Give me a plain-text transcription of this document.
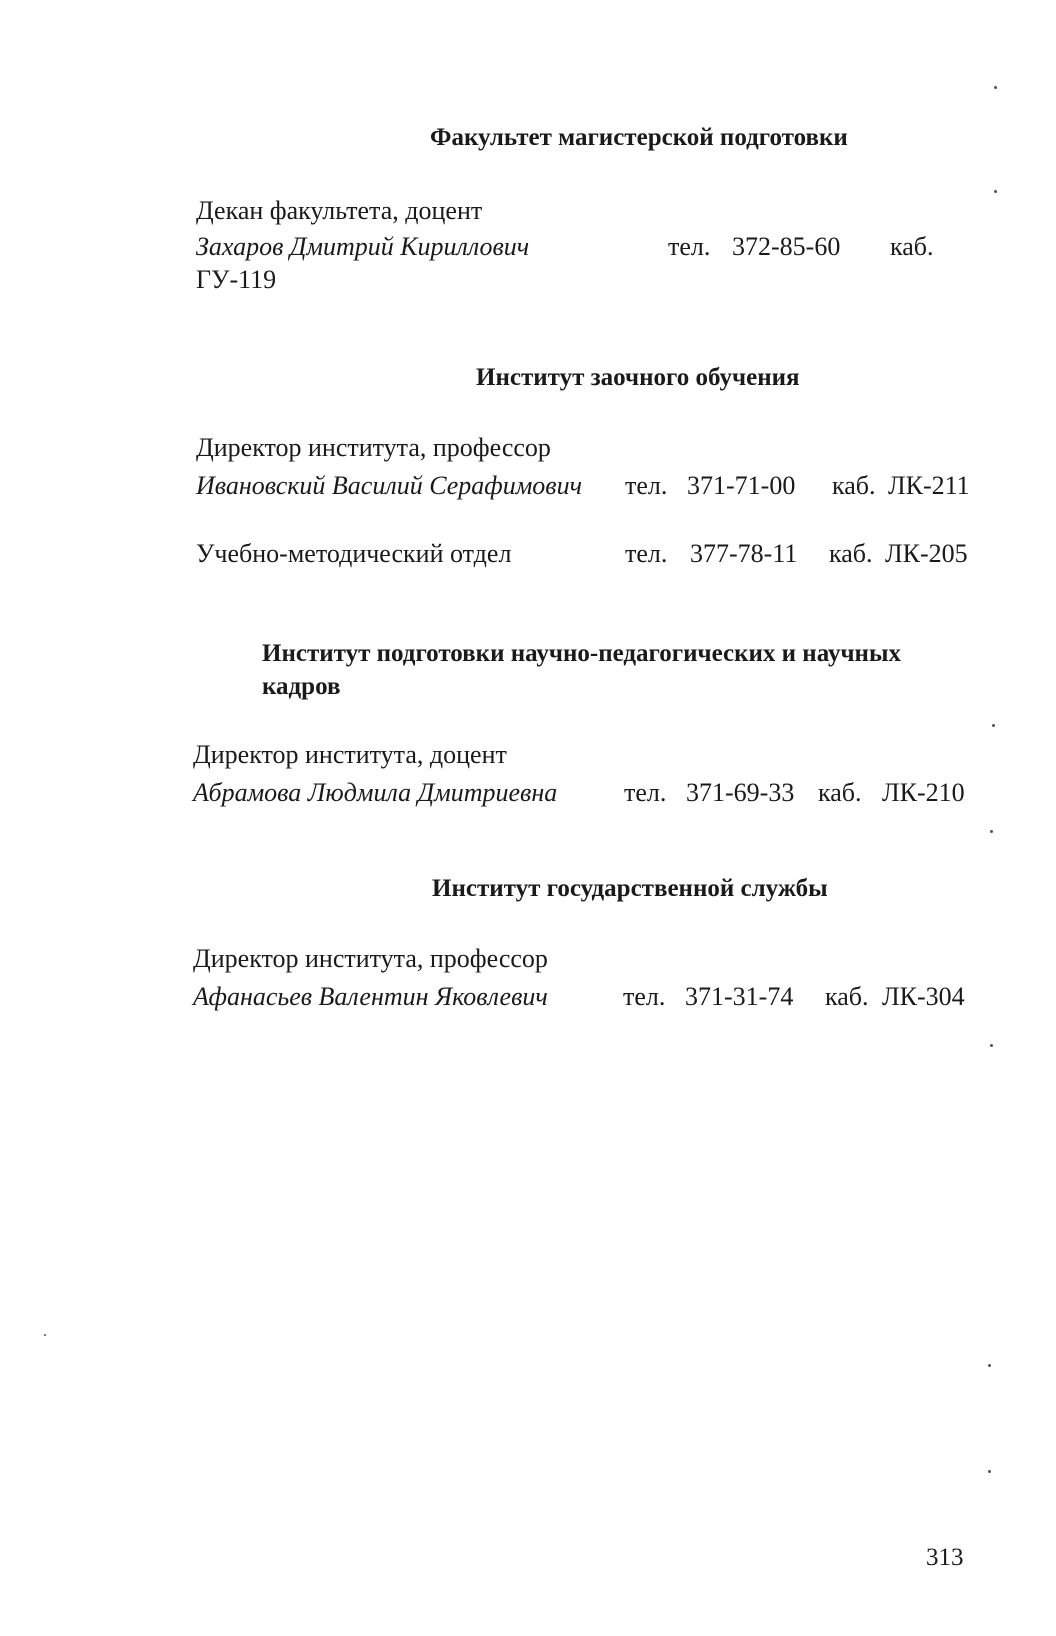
Факультет магистерской подготовки
Декан факультета, доцент
Захаров Дмитрий Кириллович	тел. 372-85-60 каб.
ГУ-119
Институт заочного обучения
Директор института, профессор
Ивановский Василий Серафимович тел. 371-71-00 каб. ЛК-211
Учебно-методический отдел	тел. 377-78-11 каб. ЛК-205
Институт подготовки научно-педагогических и научных
кадров
Директор института, доцент
Абрамова Людмила Дмитриевна	тел. 371-69-33 каб. ЛК-210
Институт государственной службы
Директор института, профессор
Афанасьев Валентин Яковлевич	тел. 371-31-74 каб. ЛК-304
313
